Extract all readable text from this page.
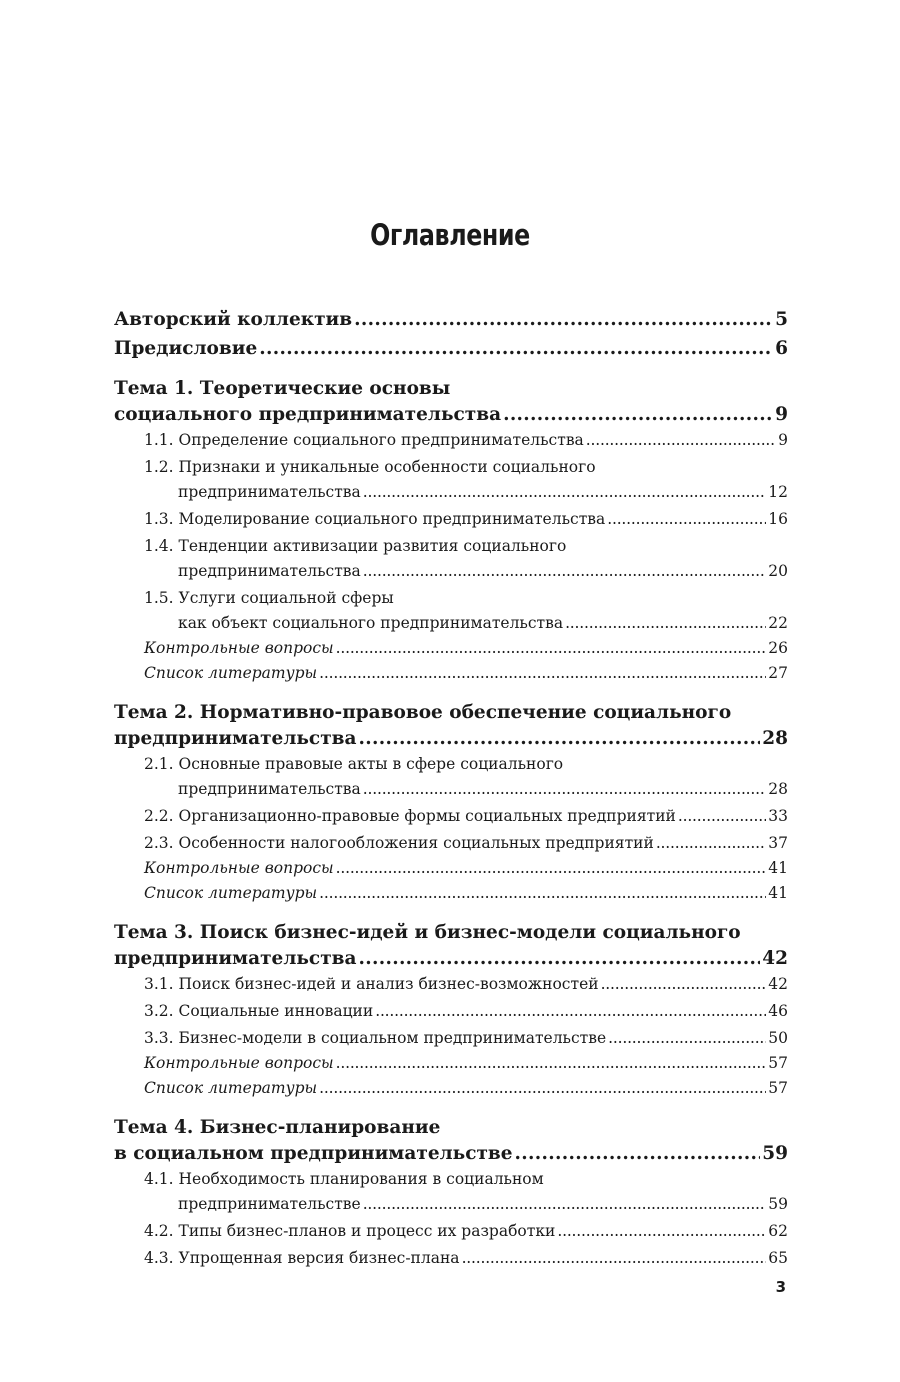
Оглавление
Авторский коллектив .....	5
Предисловие .....	6
Тема 1. Теоретические основы
социального предпринимательства .....	9
1.1. Определение социального предпринимательства .....	9
1.2. Признаки и уникальные особенности социального
предпринимательства .....	12
1.3. Моделирование социального предпринимательства .....	16
1.4. Тенденции активизации развития социального
предпринимательства .....	20
1.5. Услуги социальной сферы
как объект социального предпринимательства .....	22
Контрольные вопросы .....	26
Список литературы .....	27
Тема 2. Нормативно-правовое обеспечение социального
предпринимательства .....	28
2.1. Основные правовые акты в сфере социального
предпринимательства .....	28
2.2. Организационно-правовые формы социальных предприятий .....	33
2.3. Особенности налогообложения социальных предприятий .....	37
Контрольные вопросы .....	41
Список литературы .....	41
Тема 3. Поиск бизнес-идей и бизнес-модели социального
предпринимательства .....	42
3.1. Поиск бизнес-идей и анализ бизнес-возможностей .....	42
3.2. Социальные инновации .....	46
3.3. Бизнес-модели в социальном предпринимательстве .....	50
Контрольные вопросы .....	57
Список литературы .....	57
Тема 4. Бизнес-планирование
в социальном предпринимательстве .....	59
4.1. Необходимость планирования в социальном
предпринимательстве .....	59
4.2. Типы бизнес-планов и процесс их разработки .....	62
4.3. Упрощенная версия бизнес-плана .....	65
3
